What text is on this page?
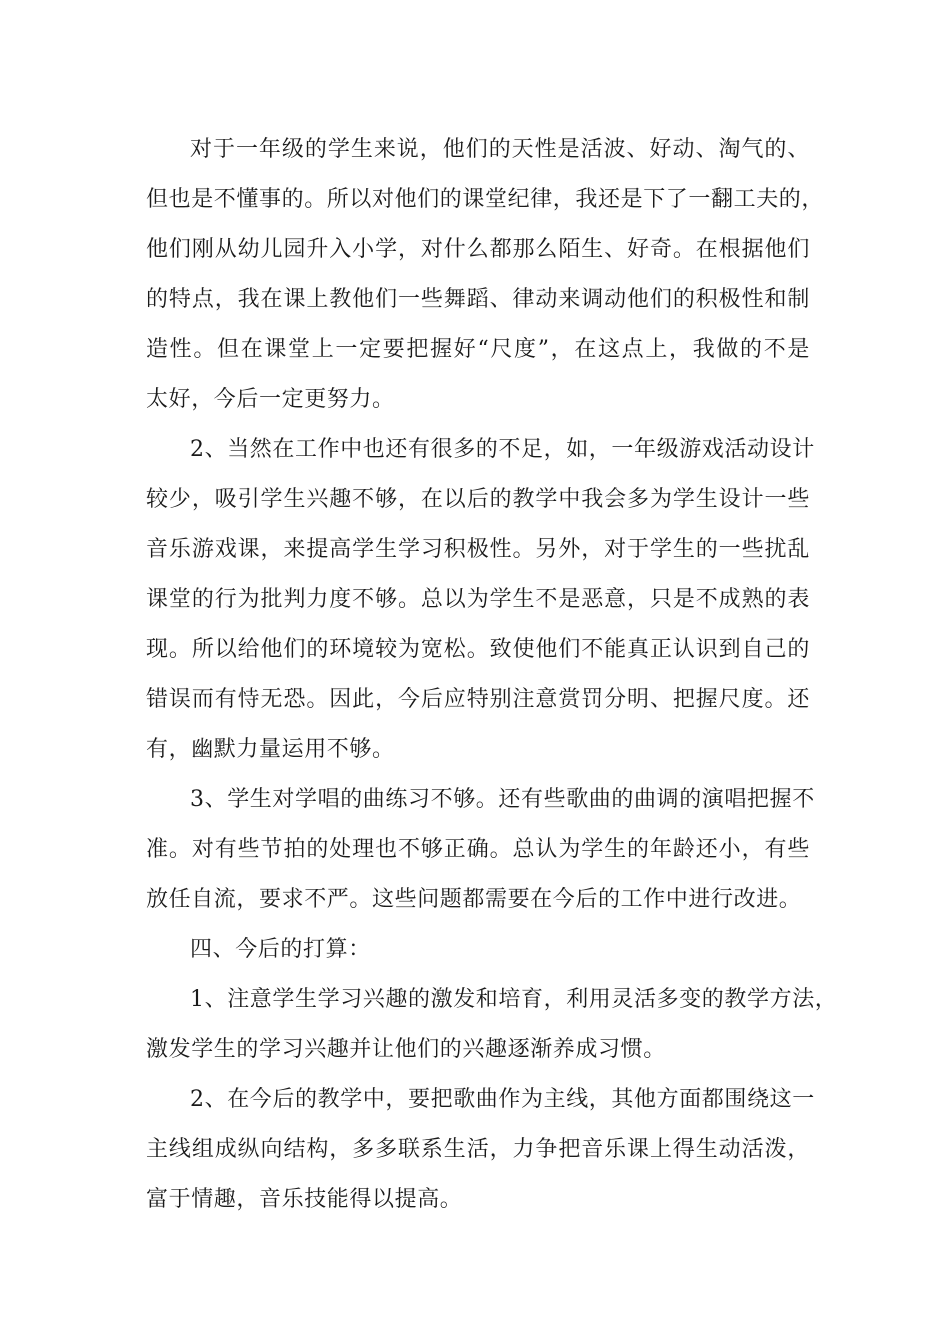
对于一年级的学生来说，他们的天性是活波、好动、淘气的、
但也是不懂事的。所以对他们的课堂纪律，我还是下了一翻工夫的，
他们刚从幼儿园升入小学，对什么都那么陌生、好奇。在根据他们
的特点，我在课上教他们一些舞蹈、律动来调动他们的积极性和制
造性。但在课堂上一定要把握好“尺度”，在这点上，我做的不是
太好，今后一定更努力。
2、当然在工作中也还有很多的不足，如，一年级游戏活动设计
较少，吸引学生兴趣不够，在以后的教学中我会多为学生设计一些
音乐游戏课，来提高学生学习积极性。另外，对于学生的一些扰乱
课堂的行为批判力度不够。总以为学生不是恶意，只是不成熟的表
现。所以给他们的环境较为宽松。致使他们不能真正认识到自己的
错误而有恃无恐。因此，今后应特别注意赏罚分明、把握尺度。还
有，幽默力量运用不够。
3、学生对学唱的曲练习不够。还有些歌曲的曲调的演唱把握不
准。对有些节拍的处理也不够正确。总认为学生的年龄还小，有些
放任自流，要求不严。这些问题都需要在今后的工作中进行改进。
四、今后的打算：
1、注意学生学习兴趣的激发和培育，利用灵活多变的教学方法，
激发学生的学习兴趣并让他们的兴趣逐渐养成习惯。
2、在今后的教学中，要把歌曲作为主线，其他方面都围绕这一
主线组成纵向结构，多多联系生活，力争把音乐课上得生动活泼，
富于情趣，音乐技能得以提高。
